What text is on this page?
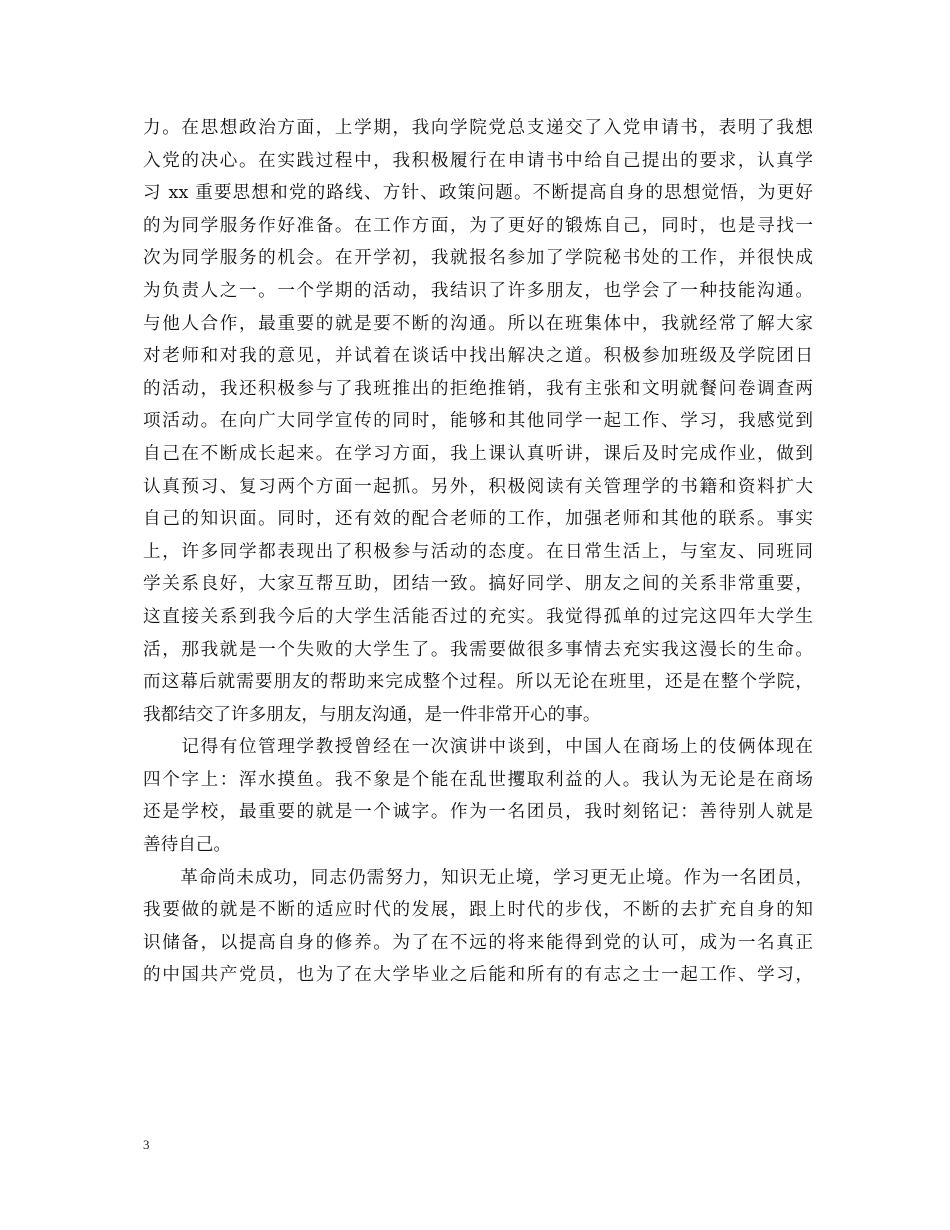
力。在思想政治方面，上学期，我向学院党总支递交了入党申请书，表明了我想
入党的决心。在实践过程中，我积极履行在申请书中给自己提出的要求，认真学
习 xx 重要思想和党的路线、方针、政策问题。不断提高自身的思想觉悟，为更好
的为同学服务作好准备。在工作方面，为了更好的锻炼自己，同时，也是寻找一
次为同学服务的机会。在开学初，我就报名参加了学院秘书处的工作，并很快成
为负责人之一。一个学期的活动，我结识了许多朋友，也学会了一种技能沟通。
与他人合作，最重要的就是要不断的沟通。所以在班集体中，我就经常了解大家
对老师和对我的意见，并试着在谈话中找出解决之道。积极参加班级及学院团日
的活动，我还积极参与了我班推出的拒绝推销，我有主张和文明就餐问卷调查两
项活动。在向广大同学宣传的同时，能够和其他同学一起工作、学习，我感觉到
自己在不断成长起来。在学习方面，我上课认真听讲，课后及时完成作业，做到
认真预习、复习两个方面一起抓。另外，积极阅读有关管理学的书籍和资料扩大
自己的知识面。同时，还有效的配合老师的工作，加强老师和其他的联系。事实
上，许多同学都表现出了积极参与活动的态度。在日常生活上，与室友、同班同
学关系良好，大家互帮互助，团结一致。搞好同学、朋友之间的关系非常重要，
这直接关系到我今后的大学生活能否过的充实。我觉得孤单的过完这四年大学生
活，那我就是一个失败的大学生了。我需要做很多事情去充实我这漫长的生命。
而这幕后就需要朋友的帮助来完成整个过程。所以无论在班里，还是在整个学院，
我都结交了许多朋友，与朋友沟通，是一件非常开心的事。
　　记得有位管理学教授曾经在一次演讲中谈到，中国人在商场上的伎俩体现在
四个字上：浑水摸鱼。我不象是个能在乱世攫取利益的人。我认为无论是在商场
还是学校，最重要的就是一个诚字。作为一名团员，我时刻铭记：善待别人就是
善待自己。
　　革命尚未成功，同志仍需努力，知识无止境，学习更无止境。作为一名团员，
我要做的就是不断的适应时代的发展，跟上时代的步伐，不断的去扩充自身的知
识储备，以提高自身的修养。为了在不远的将来能得到党的认可，成为一名真正
的中国共产党员，也为了在大学毕业之后能和所有的有志之士一起工作、学习，
3
